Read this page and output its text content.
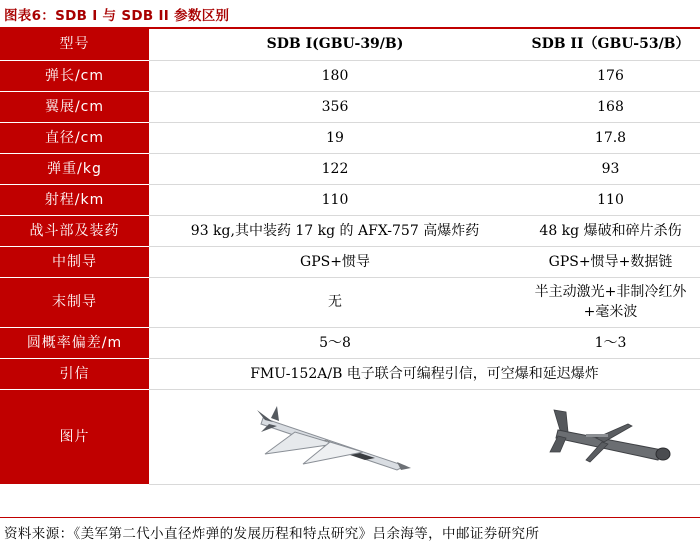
图表6：SDB I 与 SDB II 参数区别
型号	SDB I(GBU-39/B)	SDB II（GBU-53/B）
弹长/cm	180	176
翼展/cm	356	168
直径/cm	19	17.8
弹重/kg	122	93
射程/km	110	110
战斗部及装药	93 kg,其中装药 17 kg 的 AFX-757 高爆炸药	48 kg 爆破和碎片杀伤
中制导	GPS+惯导	GPS+惯导+数据链
末制导	无	半主动激光+非制冷红外+毫米波
圆概率偏差/m	5～8	1～3
引信	FMU-152A/B 电子联合可编程引信，可空爆和延迟爆炸	
图片	

资料来源：《美军第二代小直径炸弹的发展历程和特点研究》吕余海等，中邮证券研究所
